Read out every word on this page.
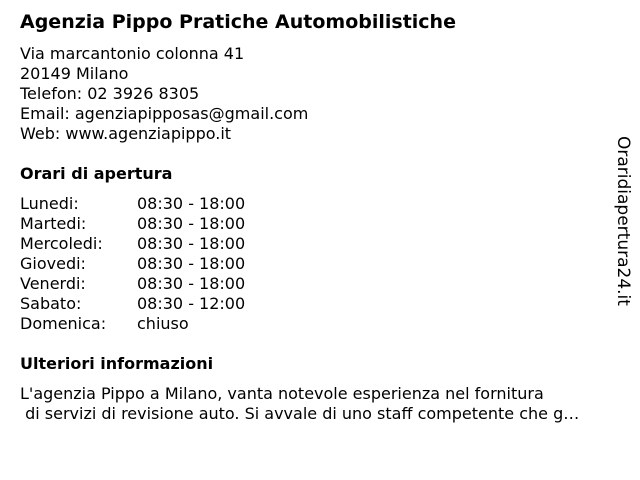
Agenzia Pippo Pratiche Automobilistiche
Via marcantonio colonna 41
20149 Milano
Telefon: 02 3926 8305
Email: agenziapipposas@gmail.com
Web: www.agenziapippo.it
Orari di apertura
Lunedi:	08:30 - 18:00
Martedi:	08:30 - 18:00
Mercoledi: 08:30 - 18:00
Giovedi:	08:30 - 18:00
Venerdi:	08:30 - 18:00
Sabato:	08:30 - 12:00
Domenica: chiuso
Ulteriori informazioni
L'agenzia Pippo a Milano, vanta notevole esperienza nel fornitura
di servizi di revisione auto. Si avvale di uno staff competente che g…
Oraridiapertura24.it
